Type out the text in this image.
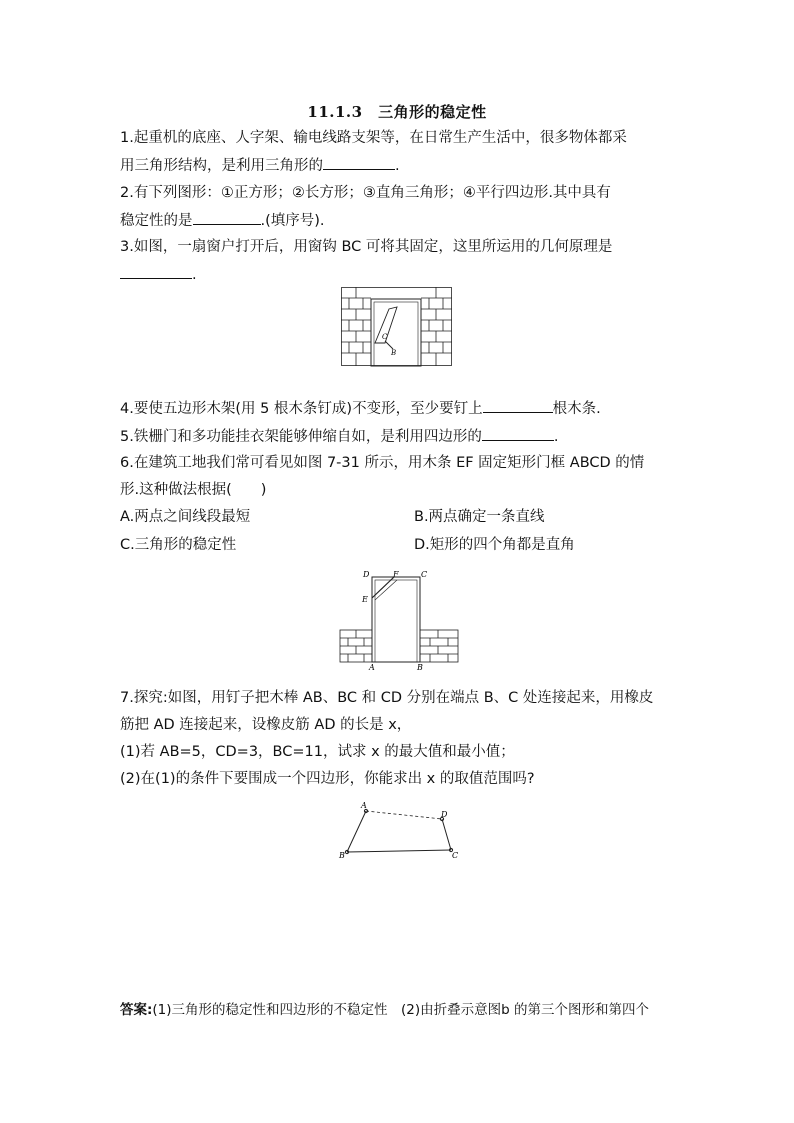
11.1.3　三角形的稳定性
1.起重机的底座、人字架、输电线路支架等，在日常生产生活中，很多物体都采
用三角形结构，是利用三角形的	.
2.有下列图形：①正方形；②长方形；③直角三角形；④平行四边形.其中具有
稳定性的是	.(填序号).
3.如图，一扇窗户打开后，用窗钩 BC 可将其固定，这里所运用的几何原理是
.
C
B
4.要使五边形木架(用 5 根木条钉成)不变形，至少要钉上	根木条.
5.铁栅门和多功能挂衣架能够伸缩自如，是利用四边形的	.
6.在建筑工地我们常可看见如图 7-31 所示，用木条 EF 固定矩形门框 ABCD 的情
形.这种做法根据(　　)
A.两点之间线段最短	B.两点确定一条直线
C.三角形的稳定性	D.矩形的四个角都是直角
D	F	C
E
A	B
7.探究:如图，用钉子把木棒 AB、BC 和 CD 分别在端点 B、C 处连接起来，用橡皮
筋把 AD 连接起来，设橡皮筋 AD 的长是 x，
(1)若 AB=5，CD=3，BC=11，试求 x 的最大值和最小值；
(2)在(1)的条件下要围成一个四边形，你能求出 x 的取值范围吗?
A
D
B	C
答案:(1)三角形的稳定性和四边形的不稳定性　(2)由折叠示意图b 的第三个图形和第四个
